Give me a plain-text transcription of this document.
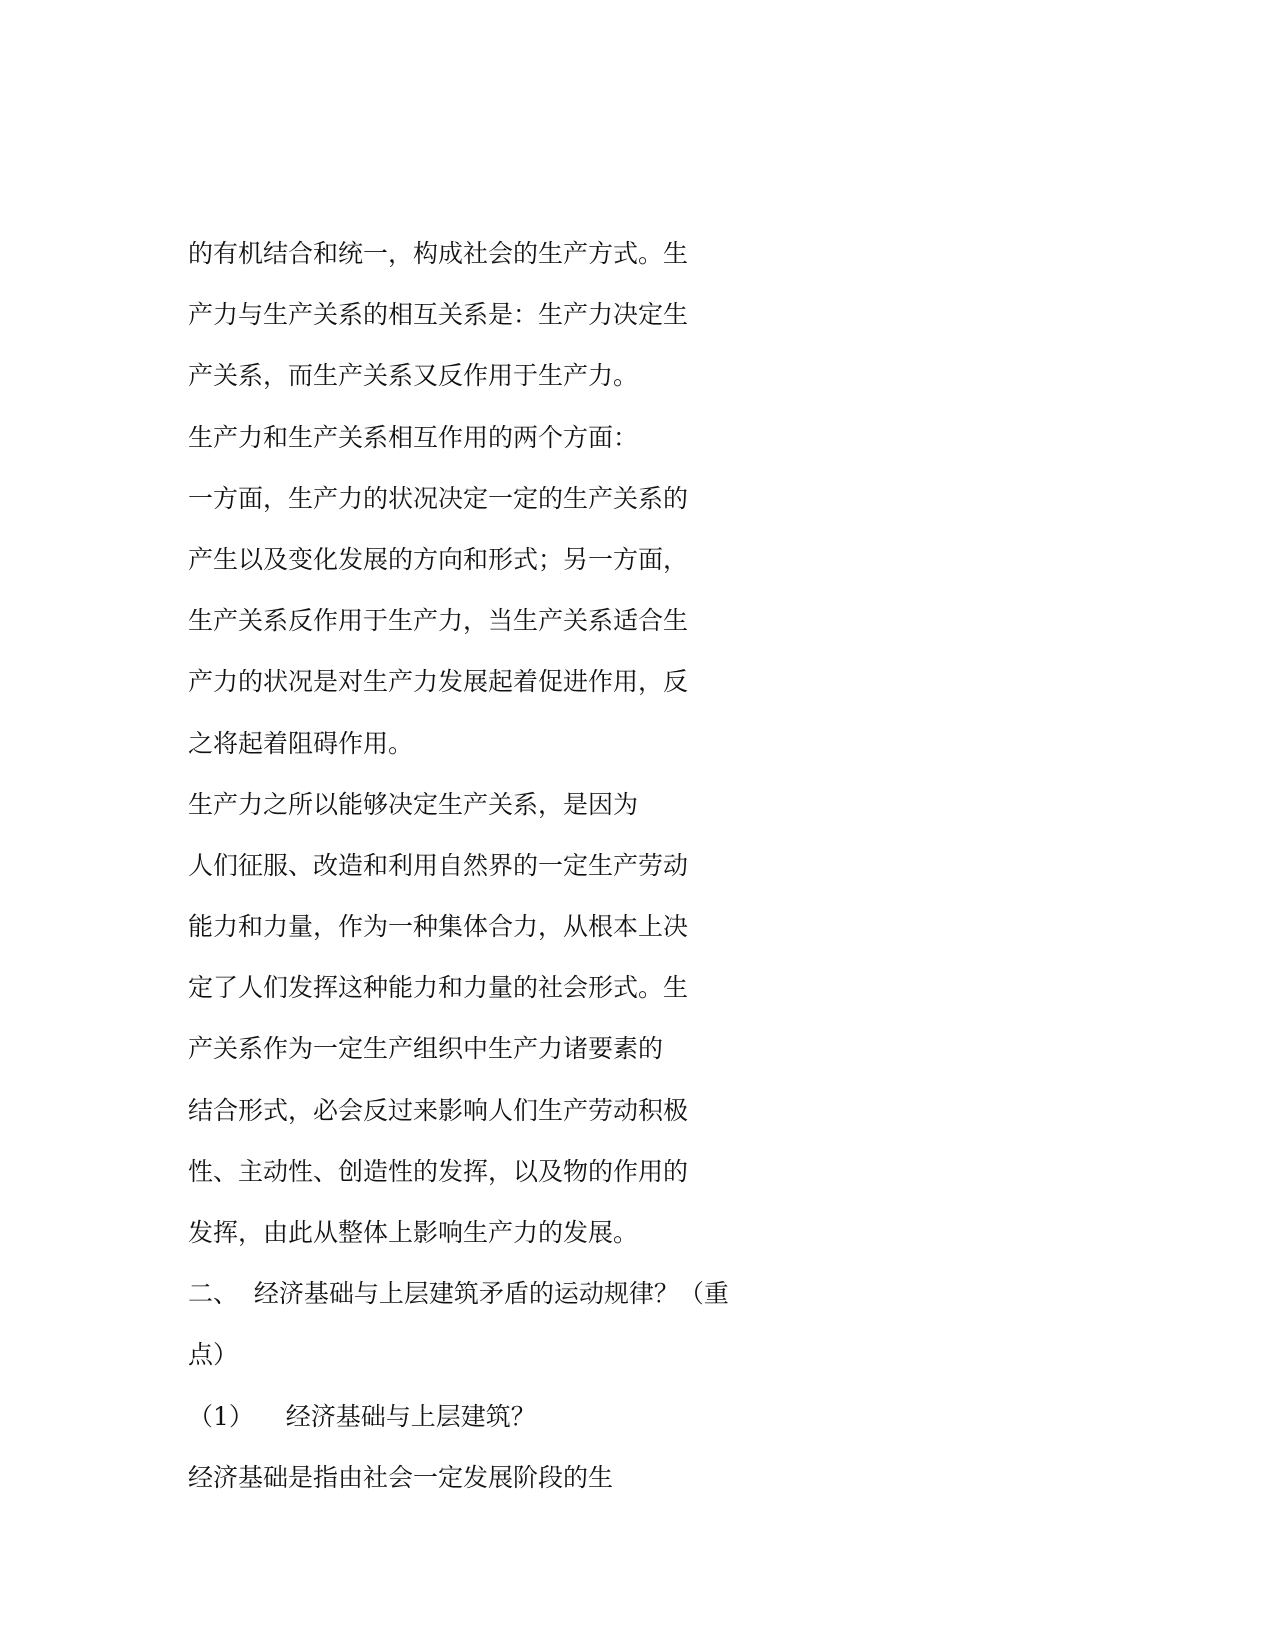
的有机结合和统一，构成社会的生产方式。生
产力与生产关系的相互关系是：生产力决定生
产关系，而生产关系又反作用于生产力。
生产力和生产关系相互作用的两个方面：
一方面，生产力的状况决定一定的生产关系的
产生以及变化发展的方向和形式；另一方面，
生产关系反作用于生产力，当生产关系适合生
产力的状况是对生产力发展起着促进作用，反
之将起着阻碍作用。
生产力之所以能够决定生产关系，是因为
人们征服、改造和利用自然界的一定生产劳动
能力和力量，作为一种集体合力，从根本上决
定了人们发挥这种能力和力量的社会形式。生
产关系作为一定生产组织中生产力诸要素的
结合形式，必会反过来影响人们生产劳动积极
性、主动性、创造性的发挥，以及物的作用的
发挥，由此从整体上影响生产力的发展。
二、  经济基础与上层建筑矛盾的运动规律？（重
点）
（1）    经济基础与上层建筑？
经济基础是指由社会一定发展阶段的生
